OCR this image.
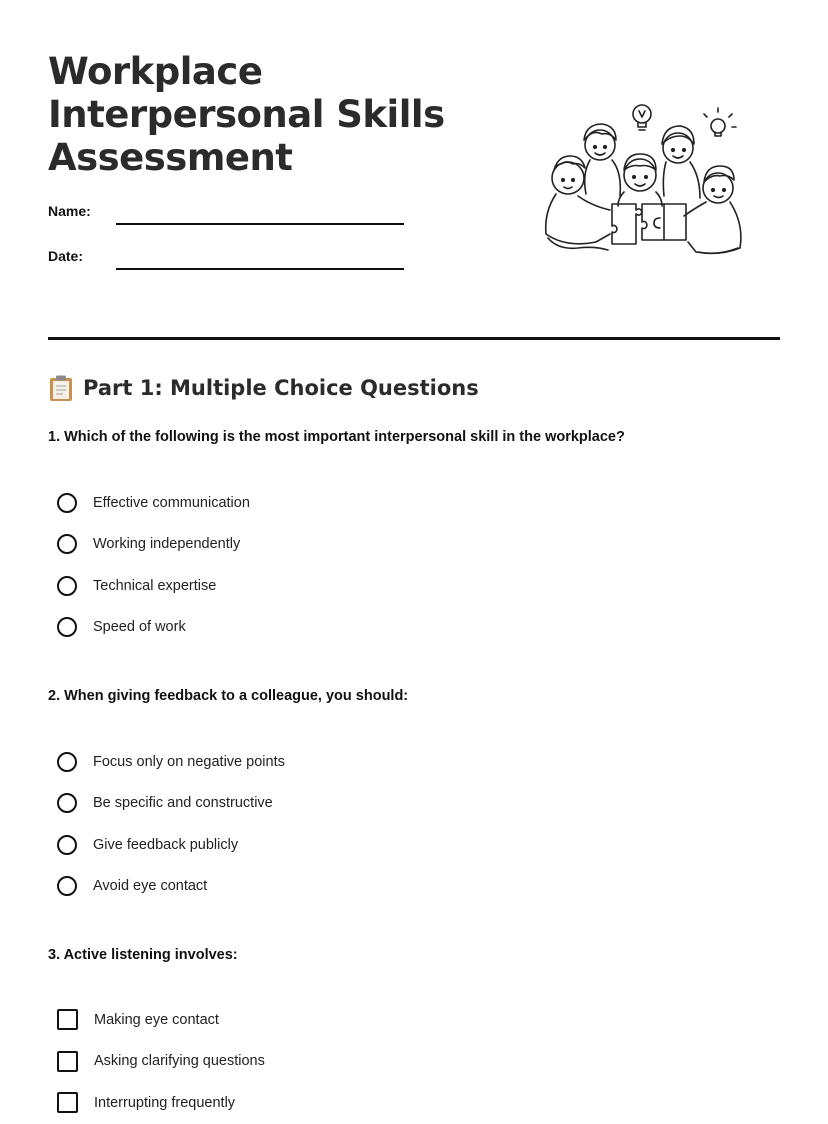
Workplace
Interpersonal Skills
Assessment
Name:
Date:
Part 1: Multiple Choice Questions

1. Which of the following is the most important interpersonal skill in the workplace?

Effective communication
Working independently
Technical expertise
Speed of work

2. When giving feedback to a colleague, you should:

Focus only on negative points
Be specific and constructive
Give feedback publicly
Avoid eye contact

3. Active listening involves:

Making eye contact
Asking clarifying questions
Interrupting frequently
